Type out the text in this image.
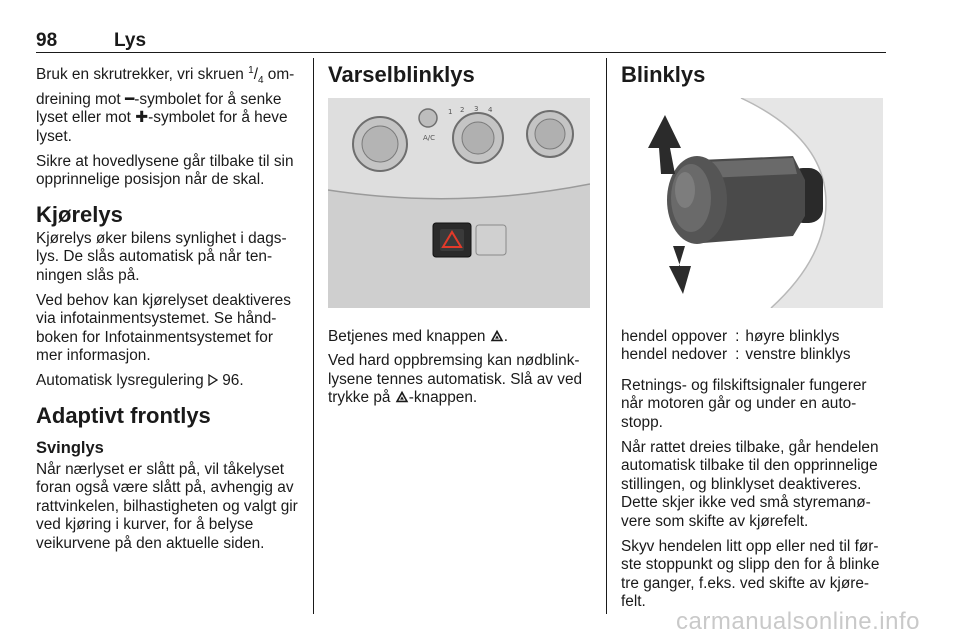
98	Lys

Bruk en skrutrekker, vri skruen $^1/_4$ om-dreining mot ━-symbolet for å senke lyset eller mot ✚-symbolet for å heve lyset.

Sikre at hovedlysene går tilbake til sin opprinnelige posisjon når de skal.

Kjørelys

Kjørelys øker bilens synlighet i dags-lys. De slås automatisk på når ten-ningen slås på.

Ved behov kan kjørelyset deaktiveres via infotainmentsystemet. Se hånd-boken for Infotainmentsystemet for mer informasjon.

Automatisk lysregulering  96.

Adaptivt frontlys
Svinglys

Når nærlyset er slått på, vil tåkelyset foran også være slått på, avhengig av rattvinkelen, bilhastigheten og valgt gir ved kjøring i kurver, for å belyse veikurvene på den aktuelle siden.

Varselblinklys
1 2 3 4
A/C

Betjenes med knappen .

Ved hard oppbremsing kan nødblink-lysene tennes automatisk. Slå av ved trykke på -knappen.

Blinklys
hendel oppover	:	høyre blinklys
hendel nedover	:	venstre blinklys

Retnings- og filskiftsignaler fungerer når motoren går og under en auto-stopp.

Når rattet dreies tilbake, går hendelen automatisk tilbake til den opprinnelige stillingen, og blinklyset deaktiveres. Dette skjer ikke ved små styremanø-vere som skifte av kjørefelt.

Skyv hendelen litt opp eller ned til før-ste stoppunkt og slipp den for å blinke tre ganger, f.eks. ved skifte av kjøre-felt.

carmanualsonline.info
